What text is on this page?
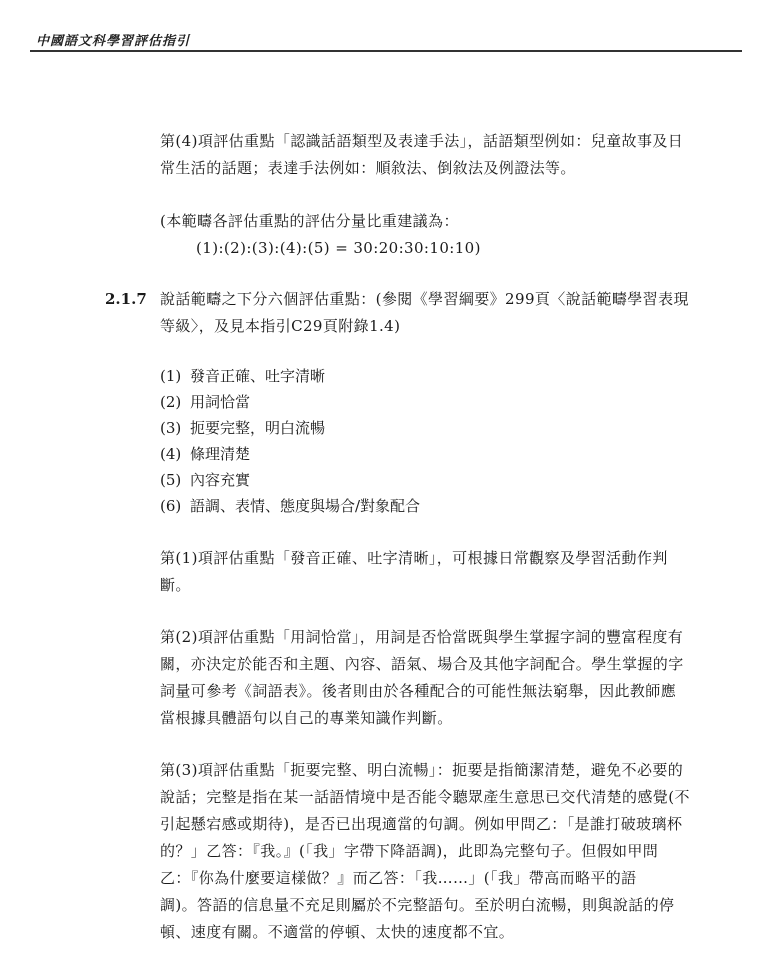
中國語文科學習評估指引
第(4)項評估重點「認識話語類型及表達手法」，話語類型例如：兒童故事及日
常生活的話題；表達手法例如：順敘法、倒敘法及例證法等。
(本範疇各評估重點的評估分量比重建議為：
(1):(2):(3):(4):(5) = 30:20:30:10:10)
2.1.7 說話範疇之下分六個評估重點：(參閱《學習綱要》299頁〈說話範疇學習表現
等級〉，及見本指引C29頁附錄1.4)
(1) 發音正確、吐字清晰
(2) 用詞恰當
(3) 扼要完整，明白流暢
(4) 條理清楚
(5) 內容充實
(6) 語調、表情、態度與場合/對象配合
第(1)項評估重點「發音正確、吐字清晰」，可根據日常觀察及學習活動作判
斷。
第(2)項評估重點「用詞恰當」，用詞是否恰當既與學生掌握字詞的豐富程度有
關，亦決定於能否和主題、內容、語氣、場合及其他字詞配合。學生掌握的字
詞量可參考《詞語表》。後者則由於各種配合的可能性無法窮舉，因此教師應
當根據具體語句以自己的專業知識作判斷。
第(3)項評估重點「扼要完整、明白流暢」：扼要是指簡潔清楚，避免不必要的
說話；完整是指在某一話語情境中是否能令聽眾產生意思已交代清楚的感覺(不
引起懸宕感或期待)，是否已出現適當的句調。例如甲問乙：「是誰打破玻璃杯
的？」乙答：『我。』(「我」字帶下降語調)，此即為完整句子。但假如甲問
乙：『你為什麼要這樣做？』而乙答：「我……」(「我」帶高而略平的語
調)。答語的信息量不充足則屬於不完整語句。至於明白流暢，則與說話的停
頓、速度有關。不適當的停頓、太快的速度都不宜。
